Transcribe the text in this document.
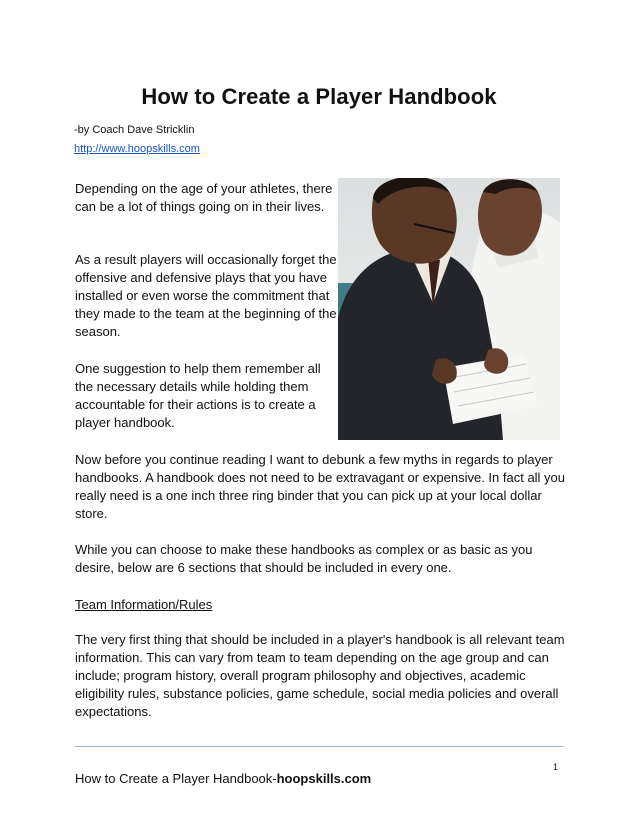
How to Create a Player Handbook

-by Coach Dave Stricklin

http://www.hoopskills.com

Depending on the age of your athletes, there can be a lot of things going on in their lives.

As a result players will occasionally forget the offensive and defensive plays that you have installed or even worse the commitment that they made to the team at the beginning of the season.

One suggestion to help them remember all the necessary details while holding them accountable for their actions is to create a player handbook.

Now before you continue reading I want to debunk a few myths in regards to player handbooks. A handbook does not need to be extravagant or expensive. In fact all you really need is a one inch three ring binder that you can pick up at your local dollar store.

While you can choose to make these handbooks as complex or as basic as you desire, below are 6 sections that should be included in every one.

Team Information/Rules

The very first thing that should be included in a player's handbook is all relevant team information. This can vary from team to team depending on the age group and can include; program history, overall program philosophy and objectives, academic eligibility rules, substance policies, game schedule, social media policies and overall expectations.

1

How to Create a Player Handbook-hoopskills.com
